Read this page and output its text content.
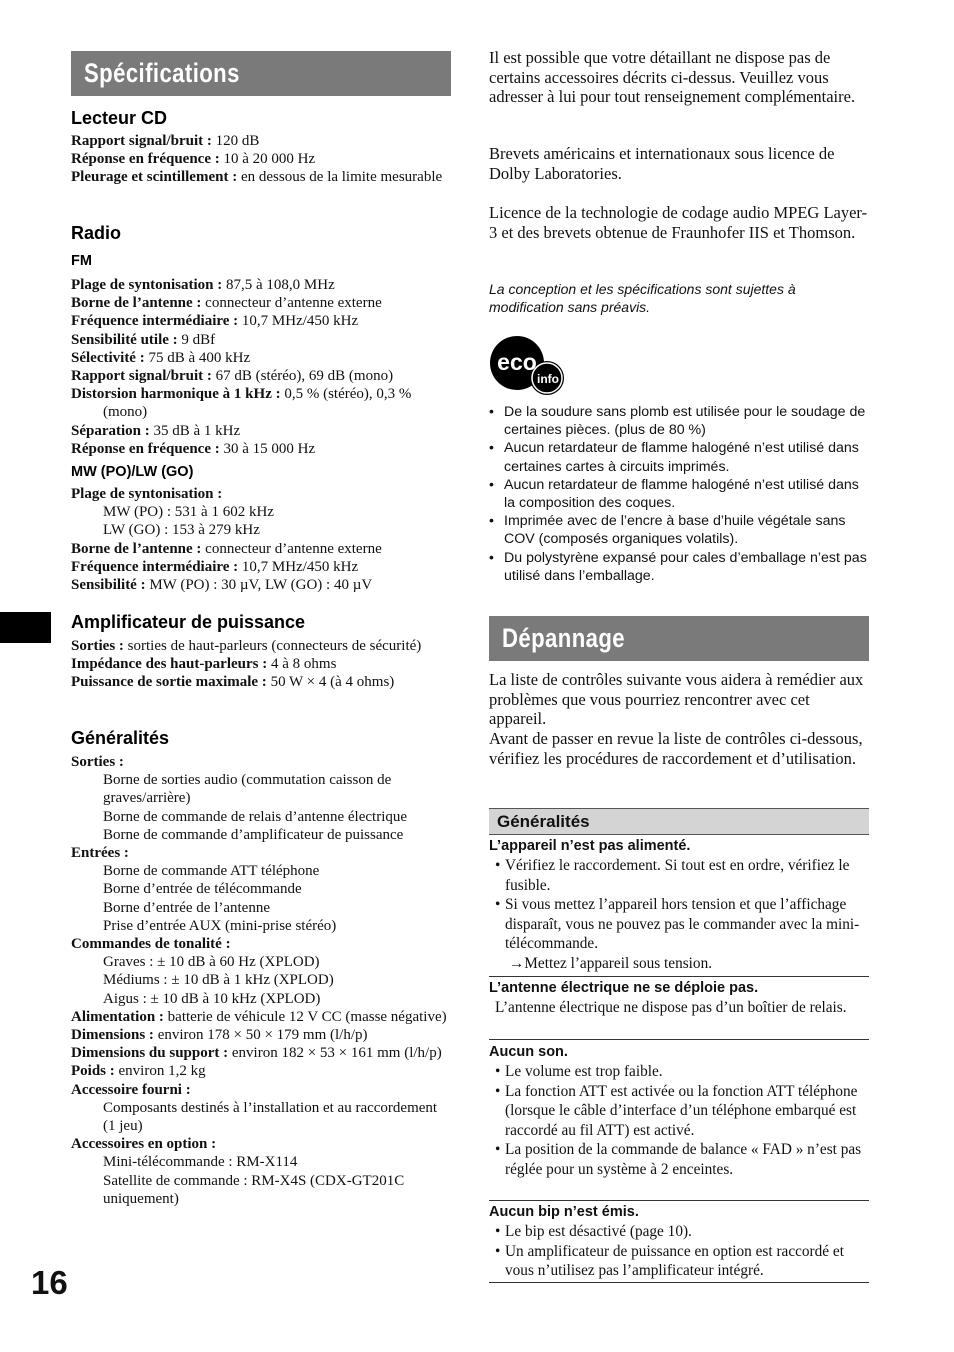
Spécifications
Lecteur CD

Rapport signal/bruit : 120 dB

Réponse en fréquence : 10 à 20 000 Hz

Pleurage et scintillement : en dessous de la limite mesurable

Radio
FM

Plage de syntonisation : 87,5 à 108,0 MHz

Borne de l’antenne : connecteur d’antenne externe

Fréquence intermédiaire : 10,7 MHz/450 kHz

Sensibilité utile : 9 dBf

Sélectivité : 75 dB à 400 kHz

Rapport signal/bruit : 67 dB (stéréo), 69 dB (mono)

Distorsion harmonique à 1 kHz : 0,5 % (stéréo), 0,3 % (mono)

Séparation : 35 dB à 1 kHz

Réponse en fréquence : 30 à 15 000 Hz

MW (PO)/LW (GO)

Plage de syntonisation :

MW (PO) : 531 à 1 602 kHz

LW (GO) : 153 à 279 kHz

Borne de l’antenne : connecteur d’antenne externe

Fréquence intermédiaire : 10,7 MHz/450 kHz

Sensibilité : MW (PO) : 30 µV, LW (GO) : 40 µV

Amplificateur de puissance

Sorties : sorties de haut-parleurs (connecteurs de sécurité)

Impédance des haut-parleurs : 4 à 8 ohms

Puissance de sortie maximale : 50 W × 4 (à 4 ohms)

Généralités

Sorties :

Borne de sorties audio (commutation caisson de graves/arrière)

Borne de commande de relais d’antenne électrique

Borne de commande d’amplificateur de puissance

Entrées :

Borne de commande ATT téléphone

Borne d’entrée de télécommande

Borne d’entrée de l’antenne

Prise d’entrée AUX (mini-prise stéréo)

Commandes de tonalité :

Graves : ± 10 dB à 60 Hz (XPLOD)

Médiums : ± 10 dB à 1 kHz (XPLOD)

Aigus : ± 10 dB à 10 kHz (XPLOD)

Alimentation : batterie de véhicule 12 V CC (masse négative)

Dimensions : environ 178 × 50 × 179 mm (l/h/p)

Dimensions du support : environ 182 × 53 × 161 mm (l/h/p)

Poids : environ 1,2 kg

Accessoire fourni :

Composants destinés à l’installation et au raccordement (1 jeu)

Accessoires en option :

Mini-télécommande : RM-X114

Satellite de commande : RM-X4S (CDX-GT201C uniquement)

16

Il est possible que votre détaillant ne dispose pas de certains accessoires décrits ci-dessus. Veuillez vous adresser à lui pour tout renseignement complémentaire.

Brevets américains et internationaux sous licence de Dolby Laboratories.

Licence de la technologie de codage audio MPEG Layer-3 et des brevets obtenue de Fraunhofer IIS et Thomson.

La conception et les spécifications sont sujettes à modification sans préavis.

eco
info
• De la soudure sans plomb est utilisée pour le soudage de certaines pièces. (plus de 80 %)
• Aucun retardateur de flamme halogéné n’est utilisé dans certaines cartes à circuits imprimés.
• Aucun retardateur de flamme halogéné n’est utilisé dans la composition des coques.
• Imprimée avec de l’encre à base d’huile végétale sans COV (composés organiques volatils).
• Du polystyrène expansé pour cales d’emballage n’est pas utilisé dans l’emballage.
Dépannage

La liste de contrôles suivante vous aidera à remédier aux problèmes que vous pourriez rencontrer avec cet appareil.

Avant de passer en revue la liste de contrôles ci-dessous, vérifiez les procédures de raccordement et d’utilisation.

Généralités

L’appareil n’est pas alimenté.

• Vérifiez le raccordement. Si tout est en ordre, vérifiez le fusible.
• Si vous mettez l’appareil hors tension et que l’affichage disparaît, vous ne pouvez pas le commander avec la mini-télécommande.
→Mettez l’appareil sous tension.

L’antenne électrique ne se déploie pas.

L’antenne électrique ne dispose pas d’un boîtier de relais.

Aucun son.

• Le volume est trop faible.
• La fonction ATT est activée ou la fonction ATT téléphone (lorsque le câble d’interface d’un téléphone embarqué est raccordé au fil ATT) est activé.
• La position de la commande de balance « FAD » n’est pas réglée pour un système à 2 enceintes.

Aucun bip n’est émis.

• Le bip est désactivé (page 10).
• Un amplificateur de puissance en option est raccordé et vous n’utilisez pas l’amplificateur intégré.
